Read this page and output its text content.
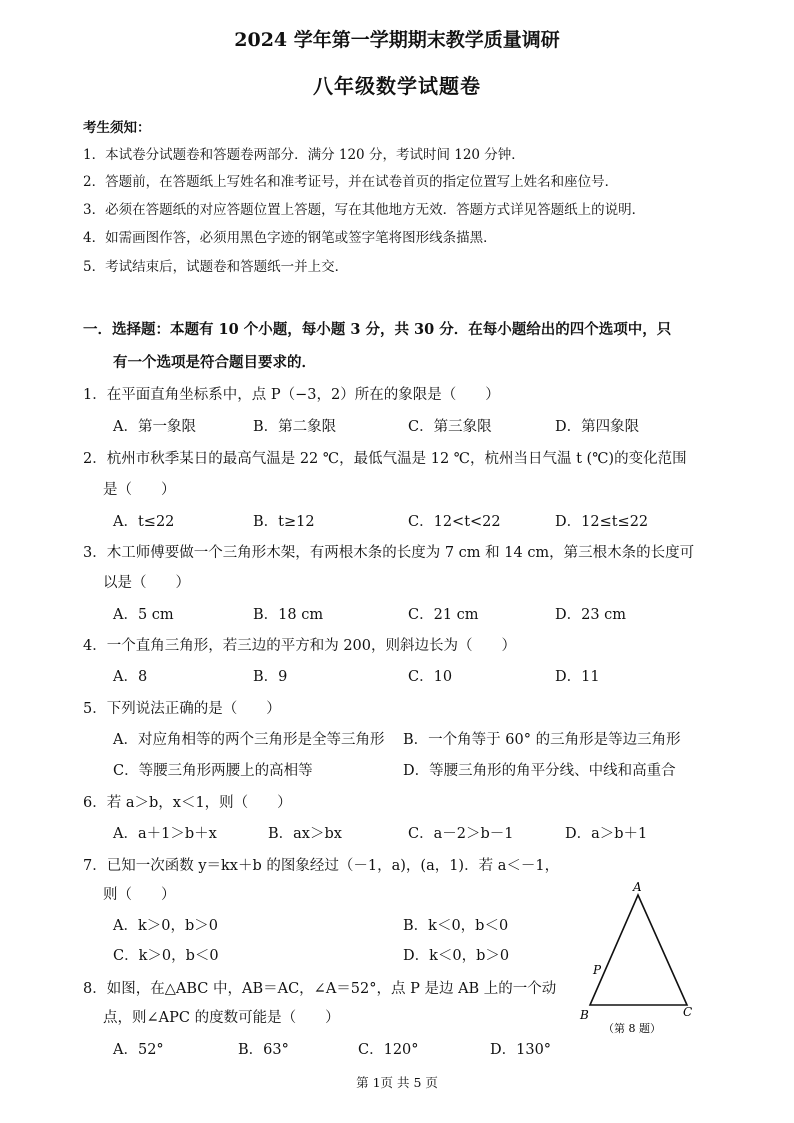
2024 学年第一学期期末教学质量调研
八年级数学试题卷
考生须知：
1．本试卷分试题卷和答题卷两部分．满分 120 分，考试时间 120 分钟．
2．答题前，在答题纸上写姓名和准考证号，并在试卷首页的指定位置写上姓名和座位号．
3．必须在答题纸的对应答题位置上答题，写在其他地方无效．答题方式详见答题纸上的说明．
4．如需画图作答，必须用黑色字迹的钢笔或签字笔将图形线条描黑．
5．考试结束后，试题卷和答题纸一并上交．
一．选择题：本题有 10 个小题，每小题 3 分，共 30 分．在每小题给出的四个选项中，只
有一个选项是符合题目要求的．
1．在平面直角坐标系中，点 P（−3，2）所在的象限是（　　）
A．第一象限	B．第二象限	C．第三象限	D．第四象限
2．杭州市秋季某日的最高气温是 22 ℃，最低气温是 12 ℃，杭州当日气温 t (℃)的变化范围
是（　　）
A．t≤22	B．t≥12	C．12<t<22	D．12≤t≤22
3．木工师傅要做一个三角形木架，有两根木条的长度为 7 cm 和 14 cm，第三根木条的长度可
以是（　　）
A．5 cm	B．18 cm	C．21 cm	D．23 cm
4．一个直角三角形，若三边的平方和为 200，则斜边长为（　　）
A．8	B．9	C．10	D．11
5．下列说法正确的是（　　）
A．对应角相等的两个三角形是全等三角形 B．一个角等于 60° 的三角形是等边三角形
C．等腰三角形两腰上的高相等	D．等腰三角形的角平分线、中线和高重合
6．若 a＞b，x＜1，则（　　）
A．a＋1＞b＋x	B．ax＞bx	C．a－2＞b－1	D．a＞b＋1
7．已知一次函数 y＝kx＋b 的图象经过（－1，a)，(a，1)．若 a＜－1，
则（　　）
A．k＞0，b＞0	B．k＜0，b＜0
C．k＞0，b＜0	D．k＜0，b＞0
8．如图，在△ABC 中，AB＝AC，∠A＝52°，点 P 是边 AB 上的一个动
点，则∠APC 的度数可能是（　　）
A．52°	B．63°	C．120°	D．130°
A
P
B	C
（第 8 题）
第 1页 共 5 页
